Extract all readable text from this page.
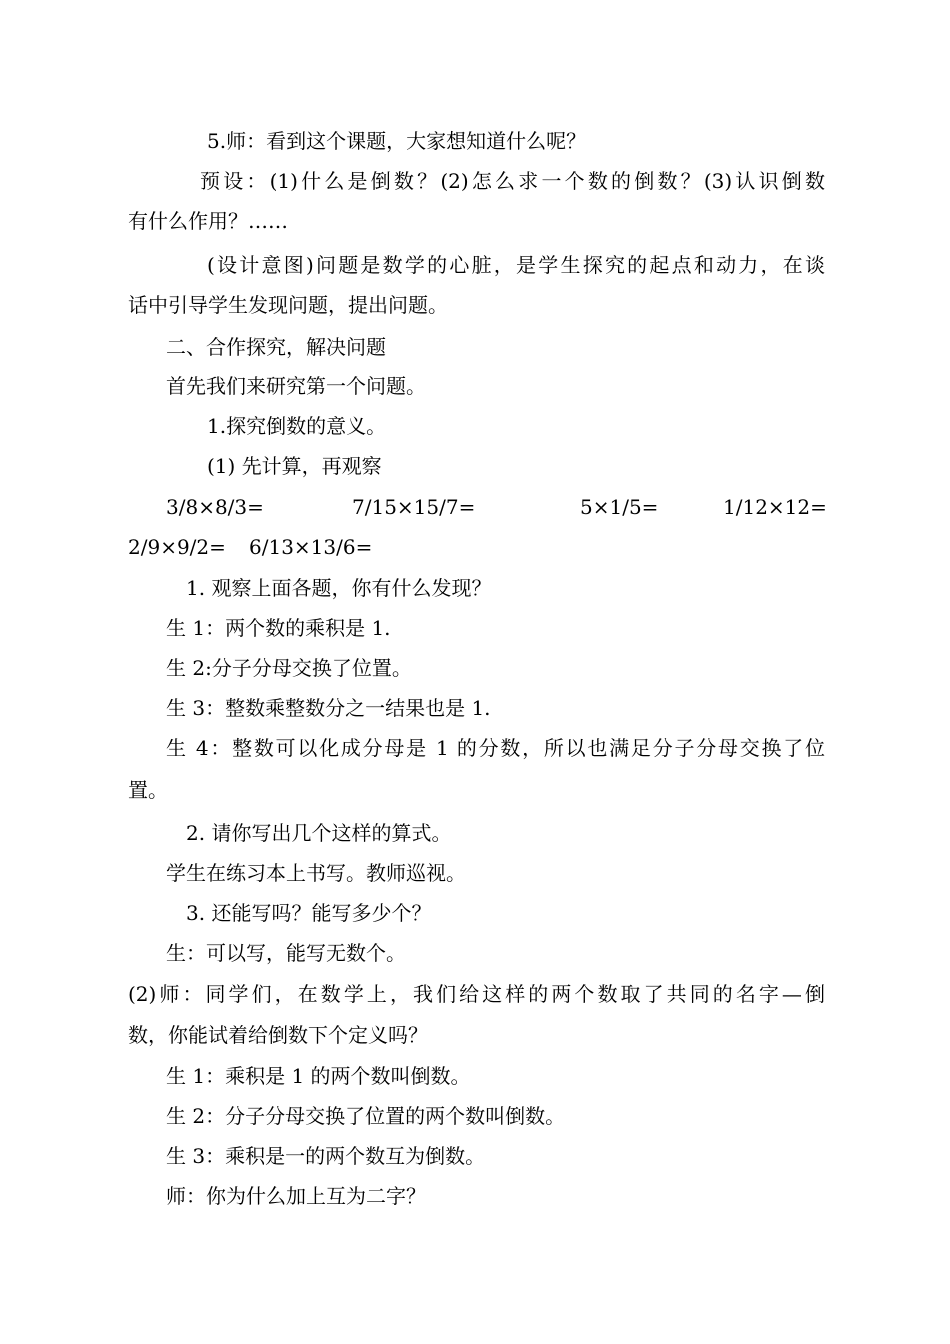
5.师：看到这个课题，大家想知道什么呢？
预设：(1)什么是倒数？(2)怎么求一个数的倒数？(3)认识倒数
有什么作用？……
(设计意图)问题是数学的心脏，是学生探究的起点和动力，在谈
话中引导学生发现问题，提出问题。
二、合作探究，解决问题
首先我们来研究第一个问题。
1.探究倒数的意义。
(1) 先计算，再观察
3/8×8/3=	7/15×15/7=	5×1/5=	1/12×12=
2/9×9/2= 6/13×13/6=
1. 观察上面各题，你有什么发现？
生 1：两个数的乘积是 1.
生 2:分子分母交换了位置。
生 3：整数乘整数分之一结果也是 1.
生 4：整数可以化成分母是 1 的分数，所以也满足分子分母交换了位
置。
2. 请你写出几个这样的算式。
学生在练习本上书写。教师巡视。
3. 还能写吗？能写多少个？
生：可以写，能写无数个。
(2)师：同学们，在数学上，我们给这样的两个数取了共同的名字—倒
数，你能试着给倒数下个定义吗？
生 1：乘积是 1 的两个数叫倒数。
生 2：分子分母交换了位置的两个数叫倒数。
生 3：乘积是一的两个数互为倒数。
师：你为什么加上互为二字？
